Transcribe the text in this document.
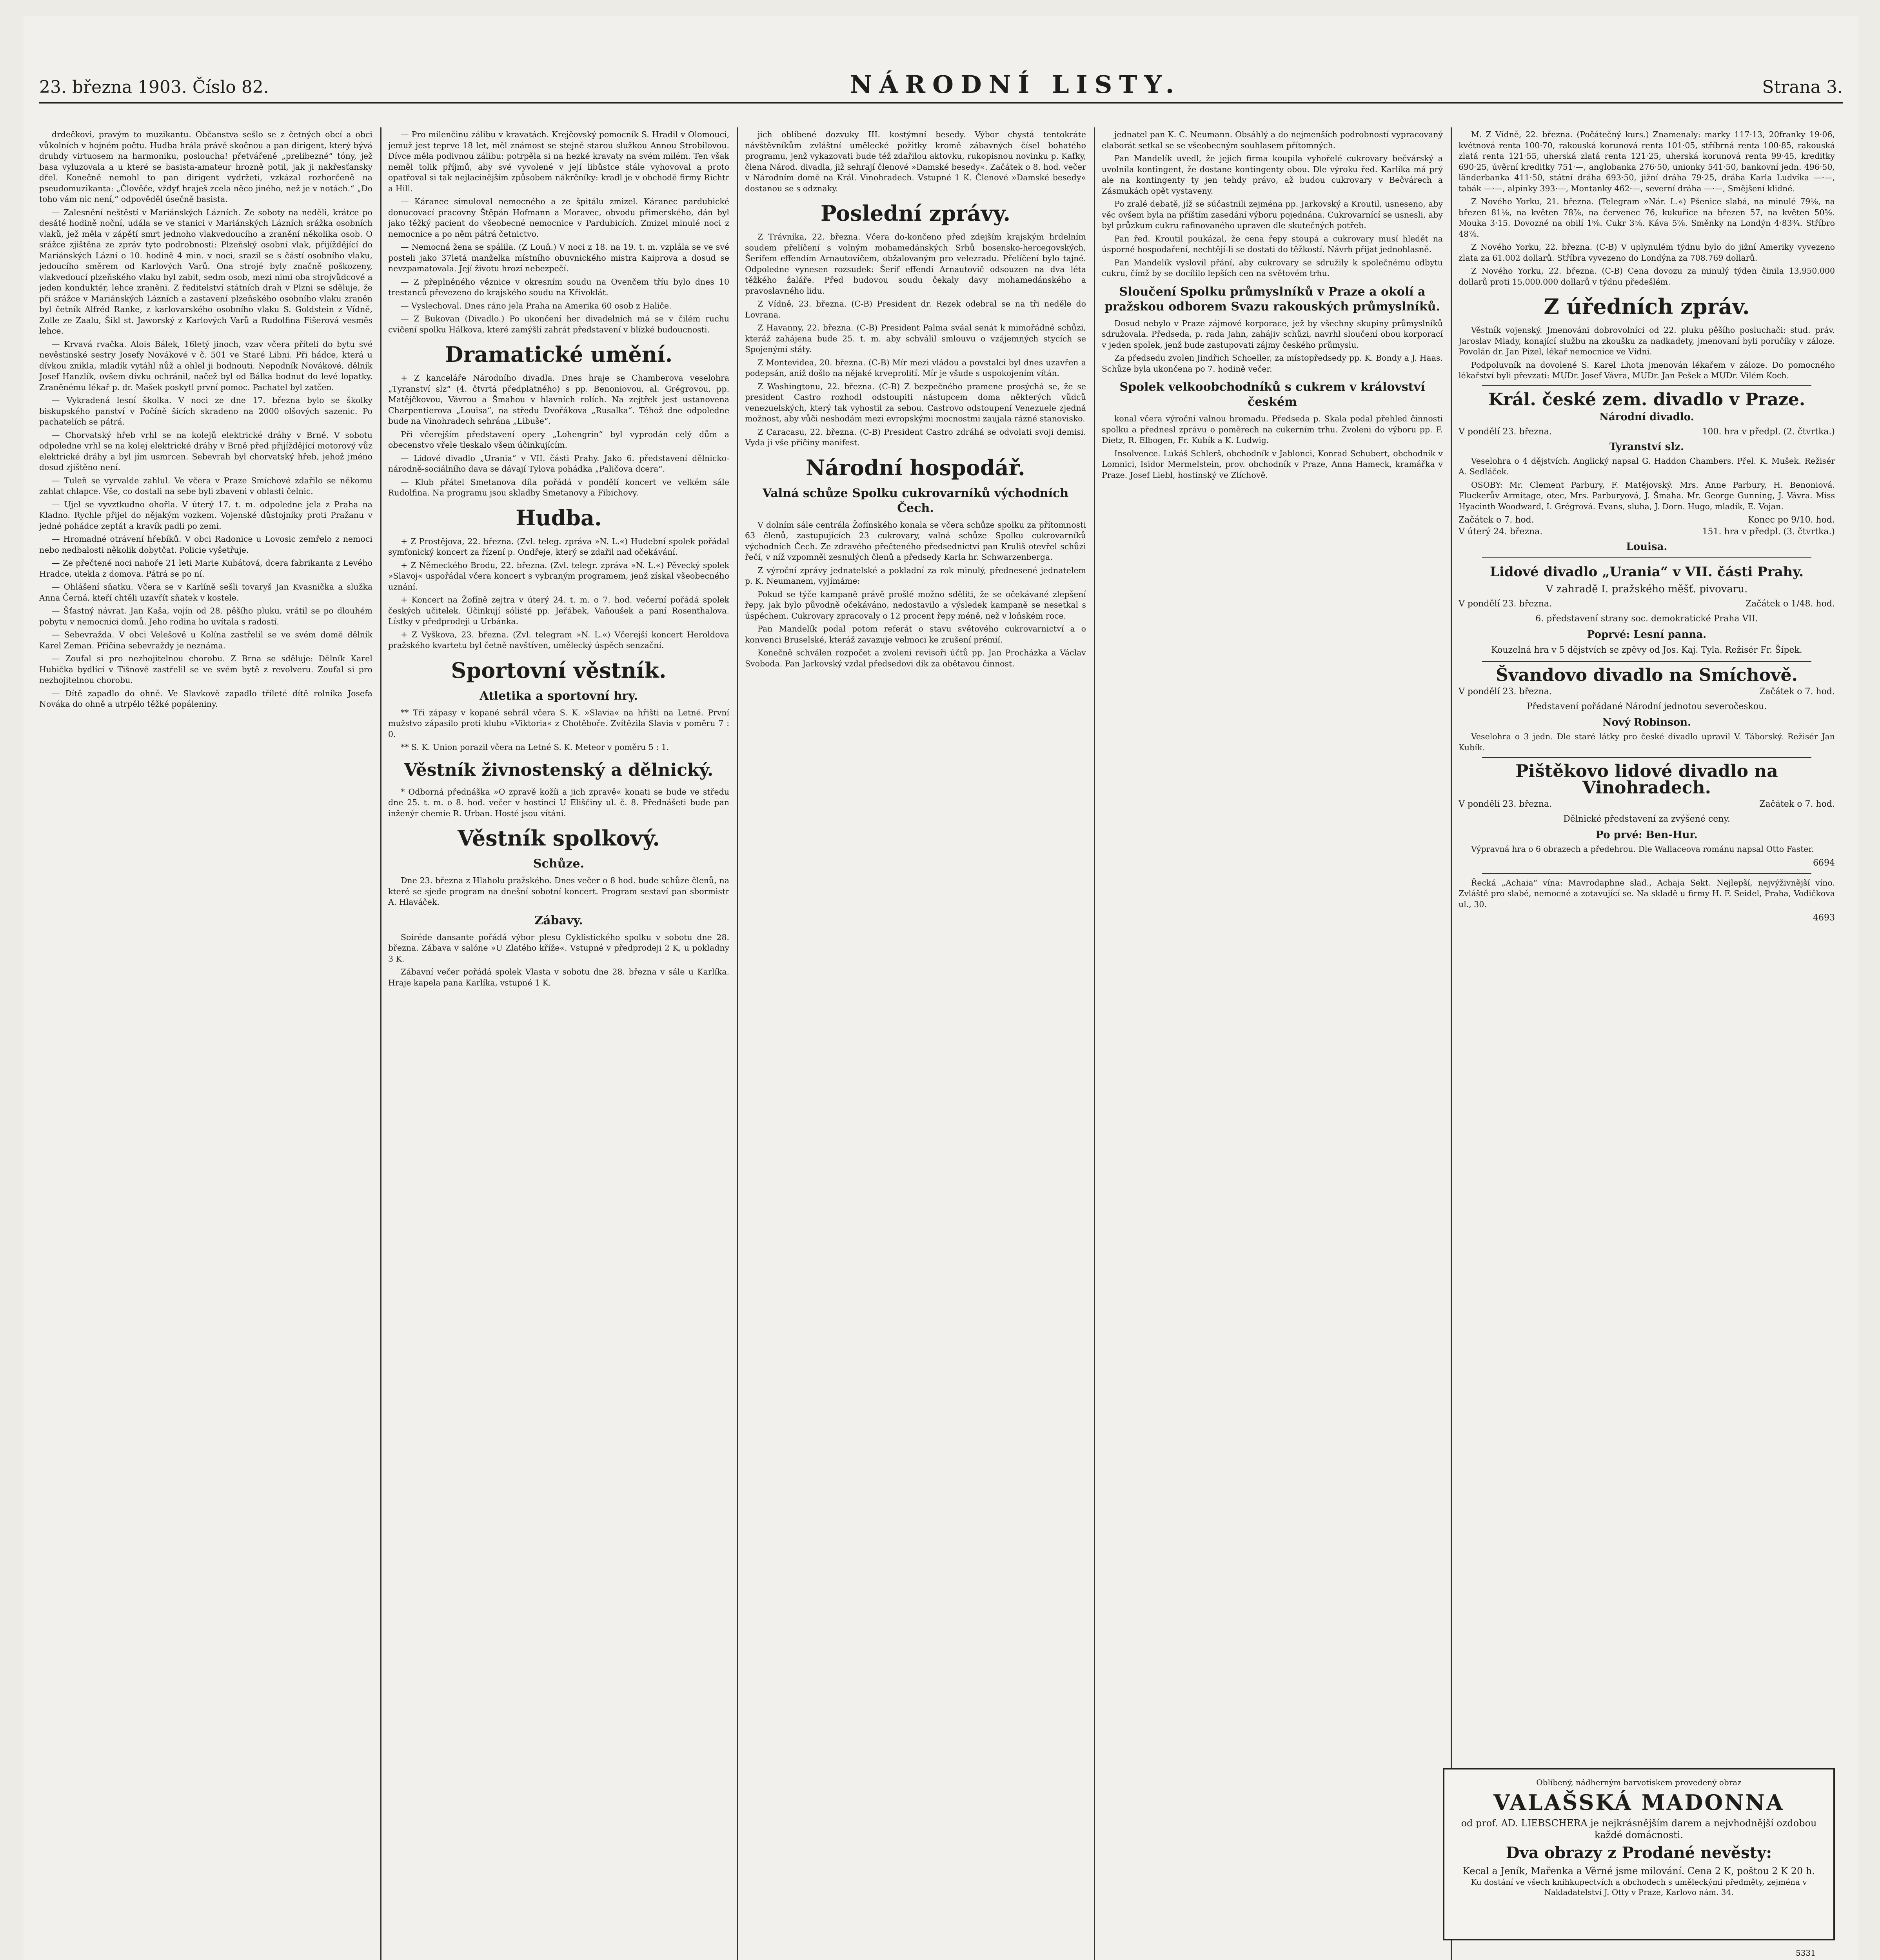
23. března 1903. Číslo 82.	NÁRODNÍ LISTY.	Strana 3.

drdečkovi, pravým to muzikantu. Občanstva sešlo se z četných obcí a obci vůkolních v hojném počtu. Hudba hrála právě skočnou a pan dirigent, který bývá druhdy virtuosem na harmoniku, posloucha! přetvářeně „prelibezné“ tóny, jež basa vyluzovala a u které se basista-amateur hrozně potil, jak ji nakřesťansky dřel. Konečně nemohl to pan dirigent vydržeti, vzkázal rozhorčeně na pseudomuzikanta: „Člověče, vždyť hraješ zcela něco jiného, než je v notách.“ „Do toho vám nic není,“ odpověděl úsečně basista.

— Zalesnění neštěstí v Mariánských Lázních. Ze soboty na neděli, krátce po desáté hodině noční, udála se ve stanici v Mariánských Lázních srážka osobních vlaků, jež měla v zápětí smrt jednoho vlakvedoucího a zranění několika osob. O srážce zjištěna ze zpráv tyto podrobnosti: Plzeňský osobní vlak, přijíždějící do Mariánských Lázní o 10. hodině 4 min. v noci, srazil se s částí osobního vlaku, jedoucího směrem od Karlových Varů. Ona strojé byly značně poškozeny, vlakvedoucí plzeňského vlaku byl zabit, sedm osob, mezi nimi oba strojvůdcové a jeden konduktér, lehce zraněni. Z ředitelství státních drah v Plzni se sděluje, že při srážce v Mariánských Lázních a zastavení plzeňského osobního vlaku zraněn byl četník Alfréd Ranke, z karlovarského osobního vlaku S. Goldstein z Vídně, Zolle ze Zaalu, Šikl st. Jaworský z Karlových Varů a Rudolfina Fišerová vesměs lehce.

— Krvavá rvačka. Alois Bálek, 16letý jinoch, vzav včera příteli do bytu své nevěstinské sestry Josefy Novákové v č. 501 ve Staré Libni. Při hádce, která u dívkou znikla, mladík vytáhl nůž a ohlel ji bodnouti. Nepodník Novákové, dělník Josef Hanzlík, ovšem dívku ochránil, načež byl od Bálka bodnut do levé lopatky. Zraněnému lékař p. dr. Mašek poskytl první pomoc. Pachatel byl zatčen.

— Vykradená lesní školka. V noci ze dne 17. března bylo se školky biskupského panství v Počíně šicích skradeno na 2000 olšových sazenic. Po pachatelích se pátrá.

— Chorvatský hřeb vrhl se na kolejů elektrické dráhy v Brně. V sobotu odpoledne vrhl se na kolej elektrické dráhy v Brně před přijíždějící motorový vůz elektrické dráhy a byl jím usmrcen. Sebevrah byl chorvatský hřeb, jehož jméno dosud zjištěno není.

— Tuleň se vyrvalde zahlul. Ve včera v Praze Smíchové zdařilo se někomu zahlat chlapce. Vše, co dostali na sebe byli zbaveni v oblasti čelnic.

— Ujel se vyvztkudno ohořla. V úterý 17. t. m. odpoledne jela z Praha na Kladno. Rychle přijel do nějakým vozkem. Vojenské důstojníky proti Pražanu v jedné pohádce zeptát a kravík padli po zemi.

— Hromadné otrávení hřebíků. V obci Radonice u Lovosic zemřelo z nemoci nebo nedbalosti několik dobytčat. Policie vyšetřuje.

— Ze přečtené noci nahoře 21 leti Marie Kubátová, dcera fabrikanta z Levého Hradce, utekla z domova. Pátrá se po ní.

— Ohlášení sňatku. Včera se v Karlíně sešli tovaryš Jan Kvasnička a služka Anna Černá, kteří chtěli uzavřít sňatek v kostele.

— Šťastný návrat. Jan Kaša, vojín od 28. pěšího pluku, vrátil se po dlouhém pobytu v nemocnici domů. Jeho rodina ho uvítala s radostí.

— Sebevražda. V obci Velešově u Kolína zastřelil se ve svém domě dělník Karel Zeman. Příčina sebevraždy je neznáma.

— Zoufal si pro nezhojitelnou chorobu. Z Brna se sděluje: Dělník Karel Hubička bydlící v Tišnově zastřelil se ve svém bytě z revolveru. Zoufal si pro nezhojitelnou chorobu.

— Dítě zapadlo do ohně. Ve Slavkově zapadlo tříleté dítě rolníka Josefa Nováka do ohně a utrpělo těžké popáleniny.

— Pro milenčinu zálibu v kravatách. Krejčovský pomocník S. Hradil v Olomouci, jemuž jest teprve 18 let, měl známost se stejně starou služkou Annou Strobilovou. Dívce měla podivnou zálibu: potrpěla si na hezké kravaty na svém milém. Ten však neměl tolik příjmů, aby své vyvolené v její libůstce stále vyhovoval a proto opatřoval si tak nejlacinějším způsobem nákrčníky: kradl je v obchodě firmy Richtr a Hill.

— Káranec simuloval nemocného a ze špitálu zmizel. Káranec pardubické donucovací pracovny Štěpán Hofmann a Moravec, obvodu přimerského, dán byl jako těžký pacient do všeobecné nemocnice v Pardubicích. Zmizel minulé noci z nemocnice a po něm pátrá četnictvo.

— Nemocná žena se spálila. (Z Louň.) V noci z 18. na 19. t. m. vzplála se ve své posteli jako 37letá manželka místního obuvnického mistra Kaiprova a dosud se nevzpamatovala. Její životu hrozí nebezpečí.

— Z přeplněného věznice v okresním soudu na Ovenčem tříu bylo dnes 10 trestanců převezeno do krajského soudu na Křivoklát.

— Vyslechoval. Dnes ráno jela Praha na Amerika 60 osob z Haliče.

— Z Bukovan (Divadlo.) Po ukončení her divadelních má se v čilém ruchu cvičení spolku Hálkova, které zamýšlí zahrát představení v blízké budoucnosti.

Dramatické umění.

+ Z kanceláře Národního divadla. Dnes hraje se Chamberova veselohra „Tyranství slz“ (4. čtvrtá předplatného) s pp. Benoniovou, al. Grégrovou, pp. Matějčkovou, Vávrou a Šmahou v hlavních rolích. Na zejtřek jest ustanovena Charpentierova „Louisa“, na středu Dvořákova „Rusalka“. Téhož dne odpoledne bude na Vinohradech sehrána „Libuše“.

Při včerejším představení opery „Lohengrin“ byl vyprodán celý dům a obecenstvo vřele tleskalo všem účinkujícím.

— Lidové divadlo „Urania“ v VII. části Prahy. Jako 6. představení dělnicko-národně-sociálního dava se dávají Tylova pohádka „Paličova dcera“.

— Klub přátel Smetanova díla pořádá v pondělí koncert ve velkém sále Rudolfina. Na programu jsou skladby Smetanovy a Fibichovy.

Hudba.

+ Z Prostějova, 22. března. (Zvl. teleg. zpráva »N. L.«) Hudební spolek pořádal symfonický koncert za řízení p. Ondřeje, který se zdařil nad očekávání.

+ Z Německého Brodu, 22. března. (Zvl. telegr. zpráva »N. L.«) Pěvecký spolek »Slavoj« uspořádal včera koncert s vybraným programem, jenž získal všeobecného uznání.

+ Koncert na Žofíně zejtra v úterý 24. t. m. o 7. hod. večerní pořádá spolek českých učitelek. Účinkují sólisté pp. Jeřábek, Vaňoušek a paní Rosenthalova. Lístky v předprodeji u Urbánka.

+ Z Vyškova, 23. března. (Zvl. telegram »N. L.«) Včerejší koncert Heroldova pražského kvartetu byl četně navštíven, umělecký úspěch senzační.

Sportovní věstník.
Atletika a sportovní hry.

** Tři zápasy v kopané sehrál včera S. K. »Slavia« na hřišti na Letné. První mužstvo zápasilo proti klubu »Viktoria« z Chotěboře. Zvítězila Slavia v poměru 7 : 0.

** S. K. Union porazil včera na Letné S. K. Meteor v poměru 5 : 1.

Věstník živnostenský a dělnický.

* Odborná přednáška »O zpravě kožíi a jich zpravě« konati se bude ve středu dne 25. t. m. o 8. hod. večer v hostinci U Eliščiny ul. č. 8. Přednášeti bude pan inženýr chemie R. Urban. Hosté jsou vítáni.

Věstník spolkový.
Schůze.

Dne 23. března z Hlaholu pražského. Dnes večer o 8 hod. bude schůze členů, na které se sjede program na dnešní sobotní koncert. Program sestaví pan sbormistr A. Hlaváček.

Zábavy.

Soiréde dansante pořádá výbor plesu Cyklistického spolku v sobotu dne 28. března. Zábava v salóne »U Zlatého kříže«. Vstupné v předprodeji 2 K, u pokladny 3 K.

Zábavní večer pořádá spolek Vlasta v sobotu dne 28. března v sále u Karlíka. Hraje kapela pana Karlíka, vstupné 1 K.

jich oblíbené dozvuky III. kostýmní besedy. Výbor chystá tentokráte návštěvníkům zvláštní umělecké požitky kromě zábavných čísel bohatého programu, jenž vykazovati bude též zdařilou aktovku, rukopisnou novinku p. Kafky, člena Národ. divadla, již sehrají členové »Damské besedy«. Začátek o 8. hod. večer v Národním domě na Král. Vinohradech. Vstupné 1 K. Členové »Damské besedy« dostanou se s odznaky.

Poslední zprávy.

Z Trávníka, 22. března. Včera do-končeno před zdejším krajským hrdelním soudem přelíčení s volným mohamedánských Srbů bosensko-hercegovských, Šerifem effendím Arnautovičem, obžalovaným pro velezradu. Přelíčení bylo tajné. Odpoledne vynesen rozsudek: Šerif effendi Arnautovič odsouzen na dva léta těžkého žaláře. Před budovou soudu čekaly davy mohamedánského a pravoslavného lidu.

Z Vídně, 23. března. (C-B) President dr. Rezek odebral se na tři neděle do Lovrana.

Z Havanny, 22. března. (C-B) President Palma sváal senát k mimořádné schůzi, kteráž zahájena bude 25. t. m. aby schválil smlouvu o vzájemných stycích se Spojenými státy.

Z Montevidea, 20. března. (C-B) Mír mezi vládou a povstalci byl dnes uzavřen a podepsán, aniž došlo na nějaké krveprolití. Mír je všude s uspokojením vítán.

Z Washingtonu, 22. března. (C-B) Z bezpečného pramene prosýchá se, že se president Castro rozhodl odstoupiti nástupcem doma některých vůdců venezuelských, který tak vyhostil za sebou. Castrovo odstoupení Venezuele zjedná možnost, aby vůči neshodám mezi evropskými mocnostmi zaujala rázné stanovisko.

Z Caracasu, 22. března. (C-B) President Castro zdráhá se odvolati svoji demisi. Vyda ji vše příčiny manifest.

Národní hospodář.
Valná schůze Spolku cukrovarníků východních Čech.

V dolním sále centrála Žofínského konala se včera schůze spolku za přítomnosti 63 členů, zastupujících 23 cukrovary, valná schůze Spolku cukrovarníků východních Čech. Ze zdravého přečteného předsednictví pan Kruliš otevřel schůzi řečí, v níž vzpomněl zesnulých členů a předsedy Karla hr. Schwarzenberga.

Z výroční zprávy jednatelské a pokladní za rok minulý, přednesené jednatelem p. K. Neumanem, vyjímáme:

Pokud se týče kampaně právě prošlé možno sděliti, že se očekávané zlepšení řepy, jak bylo původně očekáváno, nedostavilo a výsledek kampaně se nesetkal s úspěchem. Cukrovary zpracovaly o 12 procent řepy méně, než v loňském roce.

Pan Mandelík podal potom referát o stavu světového cukrovarnictví a o konvenci Bruselské, kteráž zavazuje velmoci ke zrušení prémií.

Konečně schválen rozpočet a zvoleni revisoři účtů pp. Jan Procházka a Václav Svoboda. Pan Jarkovský vzdal předsedovi dík za obětavou činnost.

jednatel pan K. C. Neumann. Obsáhlý a do nejmenších podrobností vypracovaný elaborát setkal se se všeobecným souhlasem přítomných.

Pan Mandelík uvedl, že jejich firma koupila vyhořelé cukrovary bečvárský a uvolnila kontingent, že dostane kontingenty obou. Dle výroku řed. Karlíka má prý ale na kontingenty ty jen tehdy právo, až budou cukrovary v Bečvárech a Zásmukách opět vystaveny.

Po zralé debatě, jíž se súčastnili zejména pp. Jarkovský a Kroutil, usneseno, aby věc ovšem byla na příštím zasedání výboru pojednána. Cukrovarnící se usnesli, aby byl průzkum cukru rafinovaného upraven dle skutečných potřeb.

Pan řed. Kroutil poukázal, že cena řepy stoupá a cukrovary musí hledět na úsporné hospodaření, nechtějí-li se dostati do těžkostí. Návrh přijat jednohlasně.

Pan Mandelík vyslovil přání, aby cukrovary se sdružily k společnému odbytu cukru, čímž by se docílilo lepších cen na světovém trhu.

Sloučení Spolku průmyslníků v Praze a okolí a pražskou odborem Svazu rakouských průmyslníků.

Dosud nebylo v Praze zájmové korporace, jež by všechny skupiny průmyslníků sdružovala. Předseda, p. rada Jahn, zahájiv schůzi, navrhl sloučení obou korporací v jeden spolek, jenž bude zastupovati zájmy českého průmyslu.

Za předsedu zvolen Jindřich Schoeller, za místopředsedy pp. K. Bondy a J. Haas. Schůze byla ukončena po 7. hodině večer.

Spolek velkoobchodníků s cukrem v království českém

konal včera výroční valnou hromadu. Předseda p. Skala podal přehled činnosti spolku a přednesl zprávu o poměrech na cukerním trhu. Zvoleni do výboru pp. F. Dietz, R. Elbogen, Fr. Kubík a K. Ludwig.

Insolvence. Lukáš Schlerš, obchodník v Jablonci, Konrad Schubert, obchodník v Lomnici, Isidor Mermelstein, prov. obchodník v Praze, Anna Hameck, kramářka v Praze. Josef Liebl, hostinský ve Zlíchově.

M. Z Vídně, 22. března. (Počátečný kurs.) Znamenaly: marky 117·13, 20franky 19·06, kvétnová renta 100·70, rakouská korunová renta 101·05, stříbrná renta 100·85, rakouská zlatá renta 121·55, uherská zlatá renta 121·25, uherská korunová renta 99·45, kreditky 690·25, úvěrní kreditky 751·—, anglobanka 276·50, unionky 541·50, bankovní jedn. 496·50, länderbanka 411·50, státní dráha 693·50, jižní dráha 79·25, dráha Karla Ludvíka —·—, tabák —·—, alpinky 393·—, Montanky 462·—, severní dráha —·—, Smějšení klidné.

Z Nového Yorku, 21. března. (Telegram »Nár. L.«) Pšenice slabá, na minulé 79⅛, na březen 81⅛, na květen 78⅞, na červenec 76, kukuřice na březen 57, na květen 50⅝. Mouka 3·15. Dovozné na obilí 1⅝. Cukr 3⅝. Káva 5⅞. Směnky na Londýn 4·83¾. Stříbro 48⅞.

Z Nového Yorku, 22. března. (C-B) V uplynulém týdnu bylo do jižní Ameriky vyvezeno zlata za 61.002 dollarů. Stříbra vyvezeno do Londýna za 708.769 dollarů.

Z Nového Yorku, 22. března. (C-B) Cena dovozu za minulý týden činila 13,950.000 dollarů proti 15,000.000 dollarů v týdnu předešlém.

Z úředních zpráv.

Věstník vojenský. Jmenováni dobrovolníci od 22. pluku pěšího posluchači: stud. práv. Jaroslav Mlady, konající službu na zkoušku za nadkadety, jmenovaní byli poručíky v záloze. Povolán dr. Jan Pizel, lékař nemocnice ve Vídni.

Podpoluvník na dovolené S. Karel Lhota jmenován lékařem v záloze. Do pomocného lékařství byli převzati: MUDr. Josef Vávra, MUDr. Jan Pešek a MUDr. Vilém Koch.

Král. české zem. divadlo v Praze.
Národní divadlo.
V pondělí 23. března.	100. hra v předpl. (2. čtvrtka.)
Tyranství slz.

Veselohra o 4 dějstvích. Anglický napsal G. Haddon Chambers. Přel. K. Mušek. Režisér A. Sedláček.

OSOBY: Mr. Clement Parbury, F. Matějovský. Mrs. Anne Parbury, H. Benoniová. Fluckerův Armitage, otec, Mrs. Parburyová, J. Šmaha. Mr. George Gunning, J. Vávra. Miss Hyacinth Woodward, I. Grégrová. Evans, sluha, J. Dorn. Hugo, mladík, E. Vojan.

Začátek o 7. hod.	Konec po 9/10. hod.
V úterý 24. března.	151. hra v předpl. (3. čtvrtka.)
Louisa.
Lidové divadlo „Urania“ v VII. části Prahy.
V zahradě I. pražského měšť. pivovaru.
V pondělí 23. března.	Začátek o 1/48. hod.
6. představení strany soc. demokratické Praha VII.
Poprvé: Lesní panna.
Kouzelná hra v 5 dějstvích se zpěvy od Jos. Kaj. Tyla. Režisér Fr. Šípek.
Švandovo divadlo na Smíchově.
V pondělí 23. března.	Začátek o 7. hod.
Představení pořádané Národní jednotou severočeskou.
Nový Robinson.

Veselohra o 3 jedn. Dle staré látky pro české divadlo upravil V. Táborský. Režisér Jan Kubík.

Pištěkovo lidové divadlo na Vinohradech.
V pondělí 23. března.	Začátek o 7. hod.
Dělnické představení za zvýšené ceny.
Po prvé: Ben-Hur.

Výpravná hra o 6 obrazech a předehrou. Dle Wallaceova románu napsal Otto Faster.

6694

Řecká „Achaia“ vína: Mavrodaphne slad., Achaja Sekt. Nejlepší, nejvýživnější víno. Zvláště pro slabé, nemocné a zotavující se. Na skladě u firmy H. F. Seidel, Praha, Vodičkova ul., 30.

4693
Oblíbený, nádherným barvotiskem provedený obraz
VALAŠSKÁ MADONNA
od prof. AD. LIEBSCHERA je nejkrásnějším darem a nejvhodnější ozdobou každé domácnosti.
Dva obrazy z Prodané nevěsty:
Kecal a Jeník, Mařenka a Věrné jsme milování. Cena 2 K, poštou 2 K 20 h.
Ku dostání ve všech knihkupectvích a obchodech s uměleckými předměty, zejména v Nakladatelství J. Otty v Praze, Karlovo nám. 34.
5331
